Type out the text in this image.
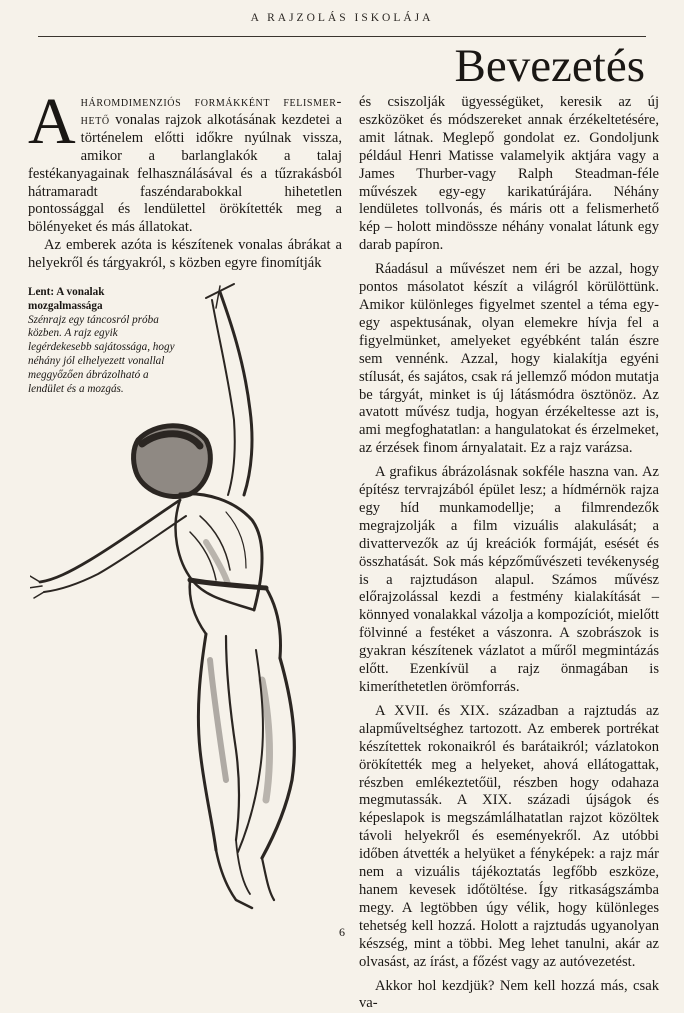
A RAJZOLÁS ISKOLÁJA
Bevezetés

Aháromdimenziós formákként felismer-hető vonalas rajzok alkotásának kezdetei a történelem előtti időkre nyúlnak vissza, amikor a barlanglakók a talaj festékanyagainak felhasználásával és a tűzrakásból hátramaradt faszéndarabokkal hihetetlen pontossággal és lendülettel örökítették meg a bölényeket és más állatokat.

Az emberek azóta is készítenek vonalas ábrákat a helyekről és tárgyakról, s közben egyre finomítják

Lent: A vonalak mozgalmassága
Szénrajz egy táncosról próba közben. A rajz egyik legérdekesebb sajátossága, hogy néhány jól elhelyezett vonallal meggyőzően ábrázolható a lendület és a mozgás.

és csiszolják ügyességüket, keresik az új eszközöket és módszereket annak érzékeltetésére, amit látnak. Meglepő gondolat ez. Gondoljunk például Henri Matisse valamelyik aktjára vagy a James Thurber-vagy Ralph Steadman-féle művészek egy-egy karikatúrájára. Néhány lendületes tollvonás, és máris ott a felismerhető kép – holott mindössze néhány vonalat látunk egy darab papíron.

Ráadásul a művészet nem éri be azzal, hogy pontos másolatot készít a világról körülöttünk. Amikor különleges figyelmet szentel a téma egy-egy aspektusának, olyan elemekre hívja fel a figyelmünket, amelyeket egyébként talán észre sem vennénk. Azzal, hogy kialakítja egyéni stílusát, és sajátos, csak rá jellemző módon mutatja be tárgyát, minket is új látásmódra ösztönöz. Az avatott művész tudja, hogyan érzékeltesse azt is, ami megfoghatatlan: a hangulatokat és érzelmeket, az érzések finom árnyalatait. Ez a rajz varázsa.

A grafikus ábrázolásnak sokféle haszna van. Az építész tervrajzából épület lesz; a hídmérnök rajza egy híd munkamodellje; a filmrendezők megrajzolják a film vizuális alakulását; a divattervezők az új kreációk formáját, esését és összhatását. Sok más képzőművészeti tevékenység is a rajztudáson alapul. Számos művész előrajzolással kezdi a festmény kialakítását – könnyed vonalakkal vázolja a kompozíciót, mielőtt fölvinné a festéket a vászonra. A szobrászok is gyakran készítenek vázlatot a műről megmintázás előtt. Ezenkívül a rajz önmagában is kimeríthetetlen örömforrás.

A XVII. és XIX. században a rajztudás az alapműveltséghez tartozott. Az emberek portrékat készítettek rokonaikról és barátaikról; vázlatokon örökítették meg a helyeket, ahová ellátogattak, részben emlékeztetőül, részben hogy odahaza megmutassák. A XIX. századi újságok és képeslapok is megszámlálhatatlan rajzot közöltek távoli helyekről és eseményekről. Az utóbbi időben átvették a helyüket a fényképek: a rajz már nem a vizuális tájékoztatás legfőbb eszköze, hanem kevesek időtöltése. Így ritkaságszámba megy. A legtöbben úgy vélik, hogy különleges tehetség kell hozzá. Holott a rajztudás ugyanolyan készség, mint a többi. Meg lehet tanulni, akár az olvasást, az írást, a főzést vagy az autóvezetést.

Akkor hol kezdjük? Nem kell hozzá más, csak va-

6
